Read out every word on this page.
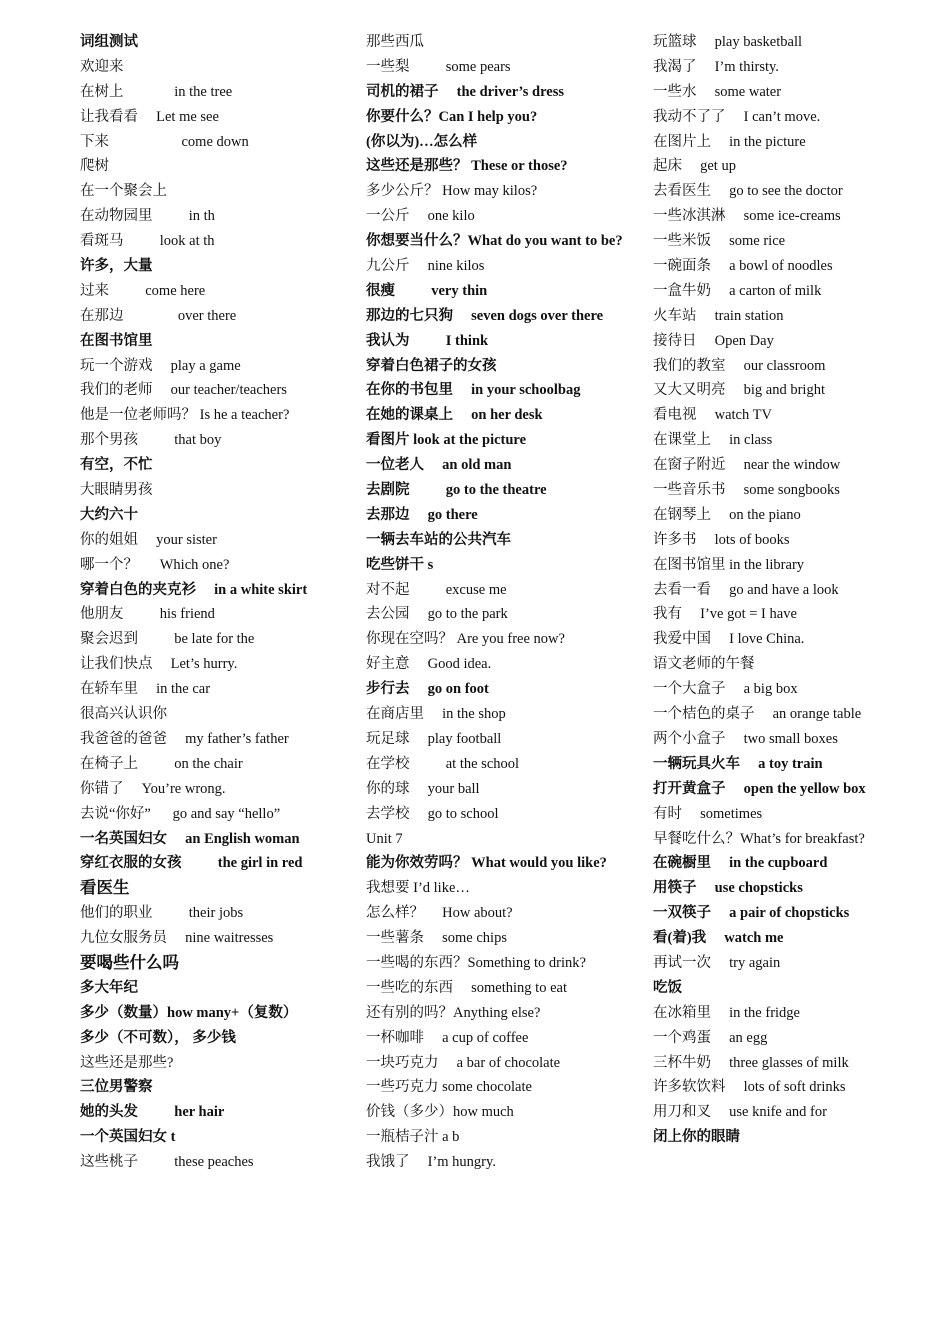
词组测试
欢迎来
在树上              in the tree
让我看看     Let me see
下来                    come down
爬树
在一个聚会上
在动物园里          in th
看斑马          look at th
许多，大量
过来          come here
在那边               over there
在图书馆里
玩一个游戏     play a game
我们的老师     our teacher/teachers
他是一位老师吗？ Is he a teacher?
那个男孩          that boy
有空，不忙
大眼睛男孩
大约六十
你的姐姐     your sister
哪一个？      Which one?
穿着白色的夹克衫     in a white skirt
他朋友          his friend
聚会迟到          be late for the
让我们快点     Let’s hurry.
在轿车里     in the car
很高兴认识你
我爸爸的爸爸     my father’s father
在椅子上          on the chair
你错了     You’re wrong.
去说“你好”      go and say “hello”
一名英国妇女     an English woman
穿红衣服的女孩          the girl in red
看医生
他们的职业          their jobs
九位女服务员     nine waitresses
要喝些什么吗
多大年纪
多少（数量）how many+（复数）
多少（不可数）， 多少钱
这些还是那些?
三位男警察
她的头发          her hair
一个英国妇女 t
这些桃子          these peaches
那些西瓜
一些梨          some pears
司机的裙子     the driver’s dress
你要什么？Can I help you?
(你以为)…怎么样
这些还是那些？ These or those?
多少公斤？ How may kilos?
一公斤     one kilo
你想要当什么？What do you want to be?
九公斤     nine kilos
很瘦          very thin
那边的七只狗     seven dogs over there
我认为          I think
穿着白色裙子的女孩
在你的书包里     in your schoolbag
在她的课桌上     on her desk
看图片 look at the picture
一位老人     an old man
去剧院          go to the theatre
去那边     go there
一辆去车站的公共汽车
吃些饼干 s
对不起          excuse me
去公园     go to the park
你现在空吗？ Are you free now?
好主意     Good idea.
步行去     go on foot
在商店里     in the shop
玩足球     play football
在学校          at the school
你的球     your ball
去学校     go to school
Unit 7
能为你效劳吗？ What would you like?
我想要 I’d like…
怎么样？     How about?
一些薯条     some chips
一些喝的东西？Something to drink?
一些吃的东西     something to eat
还有别的吗？Anything else?
一杯咖啡     a cup of coffee
一块巧克力     a bar of chocolate
一些巧克力 some chocolate
价钱（多少）how much
一瓶桔子汁 a b
我饿了     I’m hungry.
玩篮球     play basketball
我渴了     I’m thirsty.
一些水     some water
我动不了了     I can’t move.
在图片上     in the picture
起床     get up
去看医生     go to see the doctor
一些冰淇淋     some ice-creams
一些米饭     some rice
一碗面条     a bowl of noodles
一盒牛奶     a carton of milk
火车站     train station
接待日     Open Day
我们的教室     our classroom
又大又明亮     big and bright
看电视     watch TV
在课堂上     in class
在窗子附近     near the window
一些音乐书     some songbooks
在钢琴上     on the piano
许多书     lots of books
在图书馆里 in the library
去看一看     go and have a look
我有     I’ve got = I have
我爱中国     I love China.
语文老师的午餐
一个大盒子     a big box
一个桔色的桌子     an orange table
两个小盒子     two small boxes
一辆玩具火车     a toy train
打开黄盒子     open the yellow box
有时     sometimes
早餐吃什么？What’s for breakfast?
在碗橱里     in the cupboard
用筷子     use chopsticks
一双筷子     a pair of chopsticks
看(着)我     watch me
再试一次     try again
吃饭
在冰箱里     in the fridge
一个鸡蛋     an egg
三杯牛奶     three glasses of milk
许多软饮料     lots of soft drinks
用刀和叉     use knife and for
闭上你的眼睛
